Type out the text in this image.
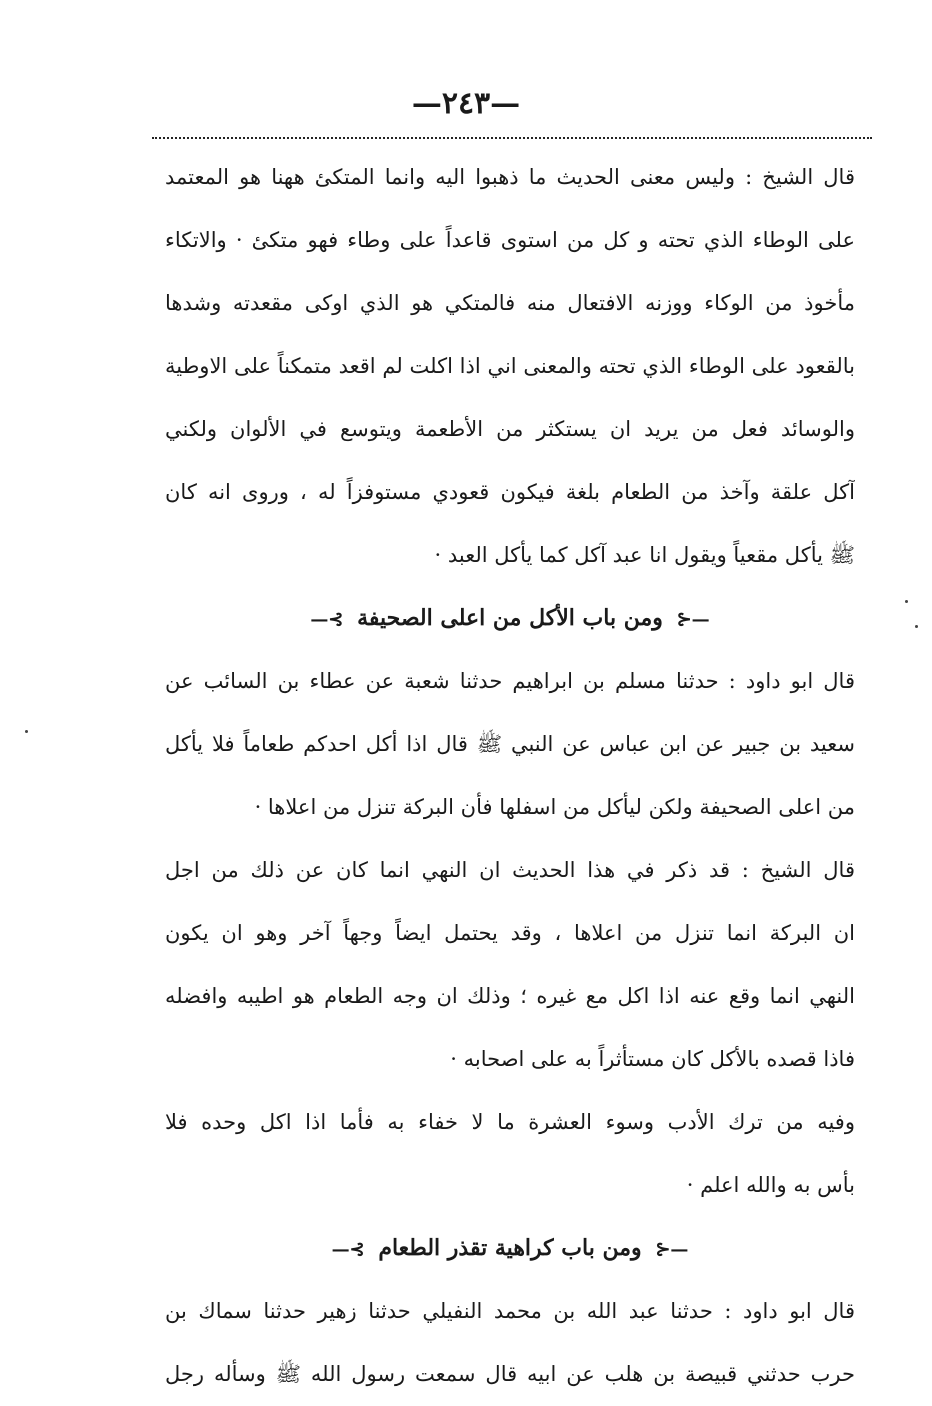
—٢٤٣—
قال الشيخ : وليس معنى الحديث ما ذهبوا اليه وانما المتكئ ههنا هو المعتمد
على الوطاء الذي تحته و كل من استوى قاعداً على وطاء فهو متكئ · والاتكاء
مأخوذ من الوكاء ووزنه الافتعال منه فالمتكي هو الذي اوكى مقعدته وشدها
بالقعود على الوطاء الذي تحته والمعنى اني اذا اكلت لم اقعد متمكناً على الاوطية
والوسائد فعل من يريد ان يستكثر من الأطعمة ويتوسع في الألوان ولكني
آكل علقة وآخذ من الطعام بلغة فيكون قعودي مستوفزاً له ، وروى انه كان
ﷺ يأكل مقعياً ويقول انا عبد آكل كما يأكل العبد ·
—⊰ ومن باب الأكل من اعلى الصحيفة ⊱—
قال ابو داود : حدثنا مسلم بن ابراهيم حدثنا شعبة عن عطاء بن السائب عن
سعيد بن جبير عن ابن عباس عن النبي ﷺ قال اذا أكل احدكم طعاماً فلا يأكل
من اعلى الصحيفة ولكن ليأكل من اسفلها فأن البركة تنزل من اعلاها ·
قال الشيخ : قد ذكر في هذا الحديث ان النهي انما كان عن ذلك من اجل
ان البركة انما تنزل من اعلاها ، وقد يحتمل ايضاً وجهاً آخر وهو ان يكون
النهي انما وقع عنه اذا اكل مع غيره ؛ وذلك ان وجه الطعام هو اطيبه وافضله
فاذا قصده بالأكل كان مستأثراً به على اصحابه ·
وفيه من ترك الأدب وسوء العشرة ما لا خفاء به فأما اذا اكل وحده فلا
بأس به والله اعلم ·
—⊰ ومن باب كراهية تقذر الطعام ⊱—
قال ابو داود : حدثنا عبد الله بن محمد النفيلي حدثنا زهير حدثنا سماك بن
حرب حدثني قبيصة بن هلب عن ابيه قال سمعت رسول الله ﷺ وسأله رجل
